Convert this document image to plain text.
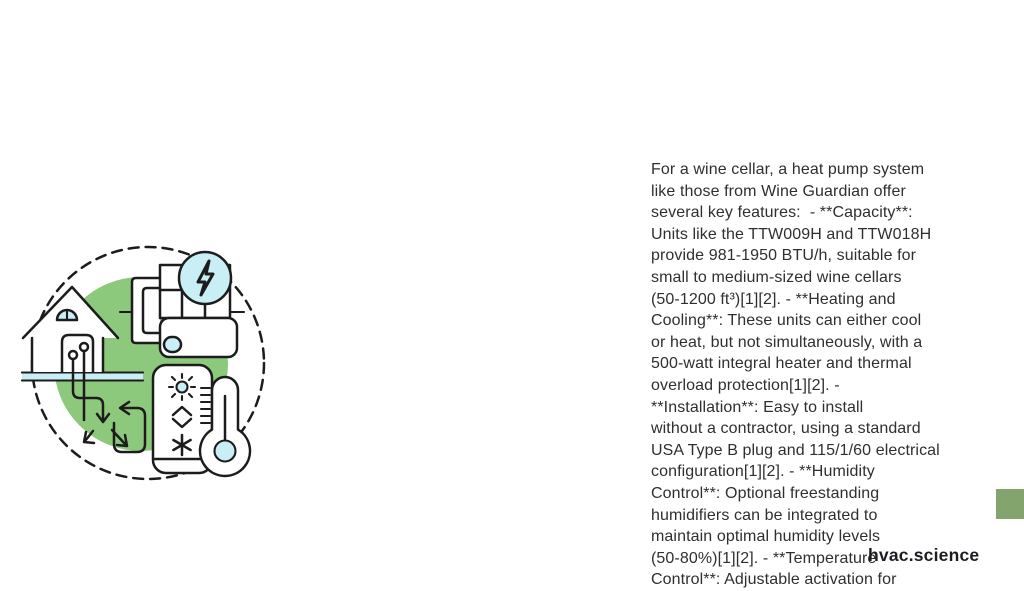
For a wine cellar, a heat pump system
like those from Wine Guardian offer
several key features:  - **Capacity**:
Units like the TTW009H and TTW018H
provide 981-1950 BTU/h, suitable for
small to medium-sized wine cellars
(50-1200 ft³)[1][2]. - **Heating and
Cooling**: These units can either cool
or heat, but not simultaneously, with a
500-watt integral heater and thermal
overload protection[1][2]. -
**Installation**: Easy to install
without a contractor, using a standard
USA Type B plug and 115/1/60 electrical
configuration[1][2]. - **Humidity
Control**: Optional freestanding
humidifiers can be integrated to
maintain optimal humidity levels
(50-80%)[1][2]. - **Temperature
Control**: Adjustable activation for
hvac.science
